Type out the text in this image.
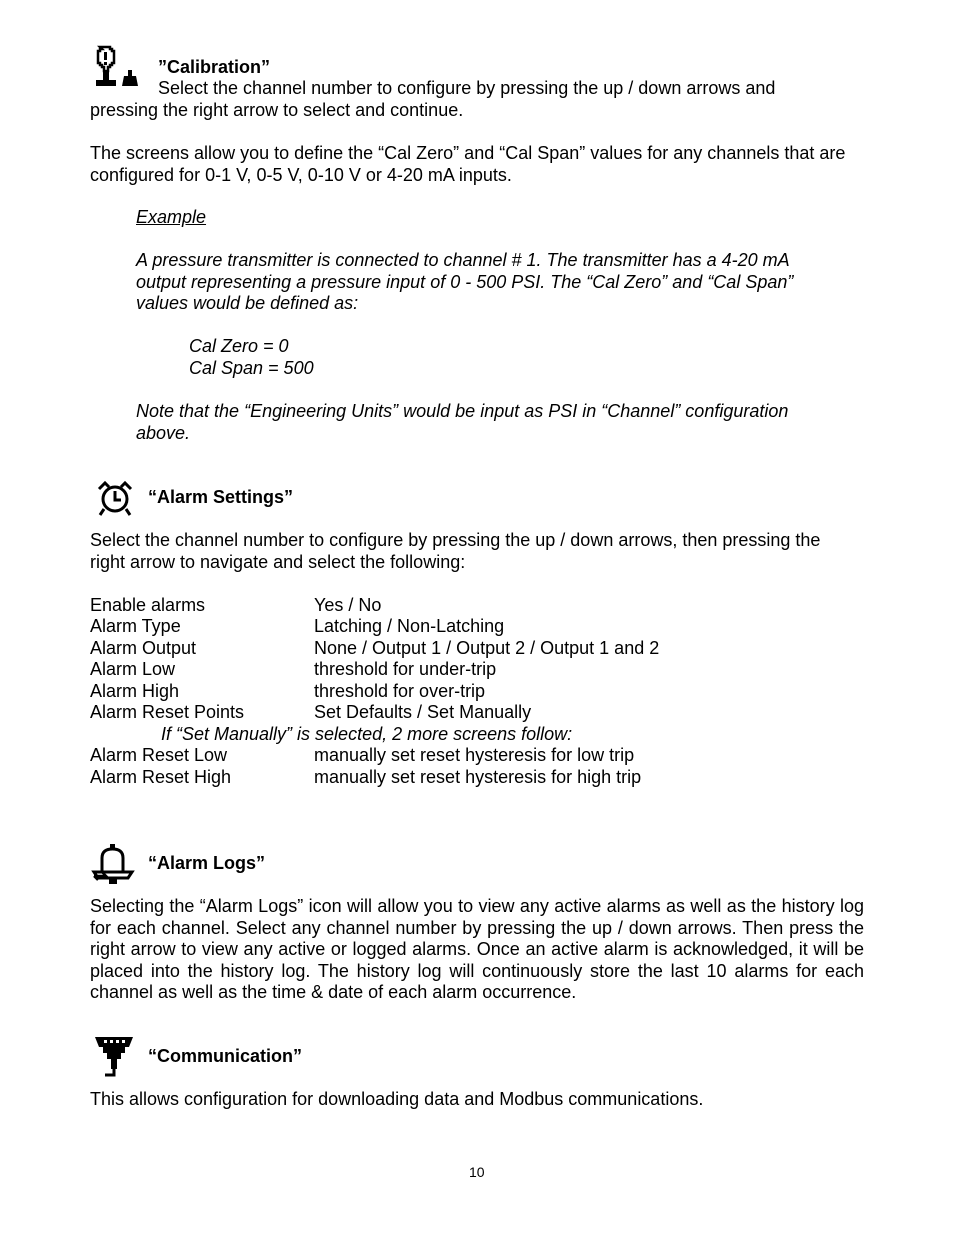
”Calibration”
Select the channel number to configure by pressing the up / down arrows and
pressing the right arrow to select and continue.

The screens allow you to define the “Cal Zero” and “Cal Span” values for any channels that are configured for 0-1 V, 0-5 V, 0-10 V or 4-20 mA inputs.

Example

A pressure transmitter is connected to channel # 1. The transmitter has a 4-20 mA output representing a pressure input of 0 - 500 PSI. The “Cal Zero” and “Cal Span” values would be defined as:

Cal Zero = 0
Cal Span = 500

Note that the “Engineering Units” would be input as PSI in “Channel” configuration above.

“Alarm Settings”

Select the channel number to configure by pressing the up / down arrows, then pressing the right arrow to navigate and select the following:

Enable alarms	Yes / No
Alarm Type	Latching / Non-Latching
Alarm Output	None / Output 1 / Output 2 / Output 1 and 2
Alarm Low	threshold for under-trip
Alarm High	threshold for over-trip
Alarm Reset Points	Set Defaults / Set Manually
If “Set Manually” is selected, 2 more screens follow:
Alarm Reset Low	manually set reset hysteresis for low trip
Alarm Reset High	manually set reset hysteresis for high trip
“Alarm Logs”

Selecting the “Alarm Logs” icon will allow you to view any active alarms as well as the history log for each channel. Select any channel number by pressing the up / down arrows. Then press the right arrow to view any active or logged alarms. Once an active alarm is acknowledged, it will be placed into the history log. The history log will continuously store the last 10 alarms for each channel as well as the time & date of each alarm occurrence.

“Communication”

This allows configuration for downloading data and Modbus communications.

10
